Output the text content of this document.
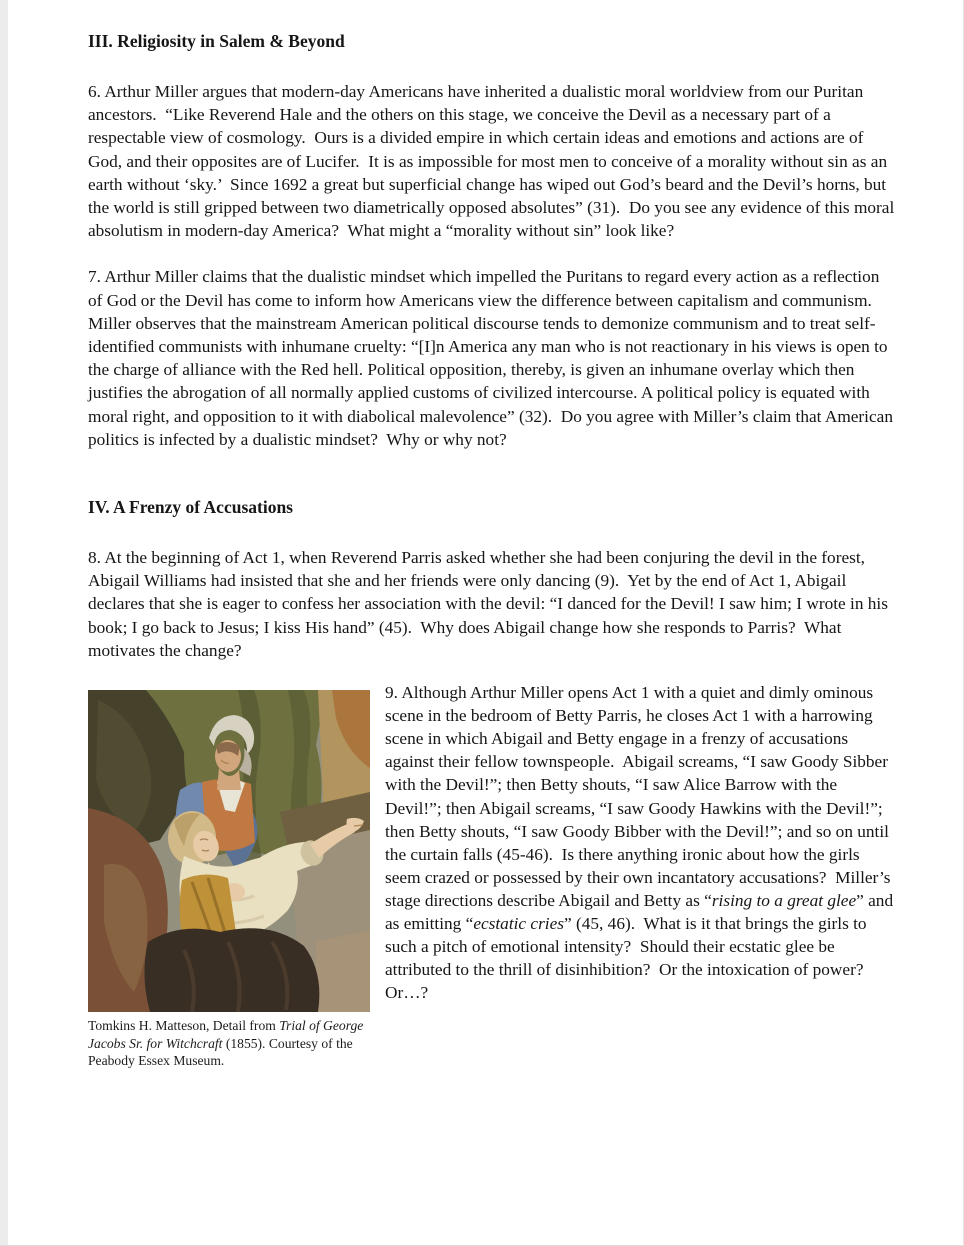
III. Religiosity in Salem & Beyond

6. Arthur Miller argues that modern-day Americans have inherited a dualistic moral worldview from our Puritan ancestors.  “Like Reverend Hale and the others on this stage, we conceive the Devil as a necessary part of a respectable view of cosmology.  Ours is a divided empire in which certain ideas and emotions and actions are of God, and their opposites are of Lucifer.  It is as impossible for most men to conceive of a morality without sin as an earth without ‘sky.’  Since 1692 a great but superficial change has wiped out God’s beard and the Devil’s horns, but the world is still gripped between two diametrically opposed absolutes” (31).  Do you see any evidence of this moral absolutism in modern-day America?  What might a “morality without sin” look like?

7. Arthur Miller claims that the dualistic mindset which impelled the Puritans to regard every action as a reflection of God or the Devil has come to inform how Americans view the difference between capitalism and communism.  Miller observes that the mainstream American political discourse tends to demonize communism and to treat self-identified communists with inhumane cruelty: “[I]n America any man who is not reactionary in his views is open to the charge of alliance with the Red hell. Political opposition, thereby, is given an inhumane overlay which then justifies the abrogation of all normally applied customs of civilized intercourse. A political policy is equated with moral right, and opposition to it with diabolical malevolence” (32).  Do you agree with Miller’s claim that American politics is infected by a dualistic mindset?  Why or why not?

IV. A Frenzy of Accusations

8. At the beginning of Act 1, when Reverend Parris asked whether she had been conjuring the devil in the forest, Abigail Williams had insisted that she and her friends were only dancing (9).  Yet by the end of Act 1, Abigail declares that she is eager to confess her association with the devil: “I danced for the Devil! I saw him; I wrote in his book; I go back to Jesus; I kiss His hand” (45).  Why does Abigail change how she responds to Parris?  What motivates the change?

Tomkins H. Matteson, Detail from Trial of George Jacobs Sr. for Witchcraft (1855). Courtesy of the Peabody Essex Museum.

9. Although Arthur Miller opens Act 1 with a quiet and dimly ominous scene in the bedroom of Betty Parris, he closes Act 1 with a harrowing scene in which Abigail and Betty engage in a frenzy of accusations against their fellow townspeople.  Abigail screams, “I saw Goody Sibber with the Devil!”; then Betty shouts, “I saw Alice Barrow with the Devil!”; then Abigail screams, “I saw Goody Hawkins with the Devil!”; then Betty shouts, “I saw Goody Bibber with the Devil!”; and so on until the curtain falls (45-46).  Is there anything ironic about how the girls seem crazed or possessed by their own incantatory accusations?  Miller’s stage directions describe Abigail and Betty as “rising to a great glee” and as emitting “ecstatic cries” (45, 46).  What is it that brings the girls to such a pitch of emotional intensity?  Should their ecstatic glee be attributed to the thrill of disinhibition?  Or the intoxication of power?  Or…?
